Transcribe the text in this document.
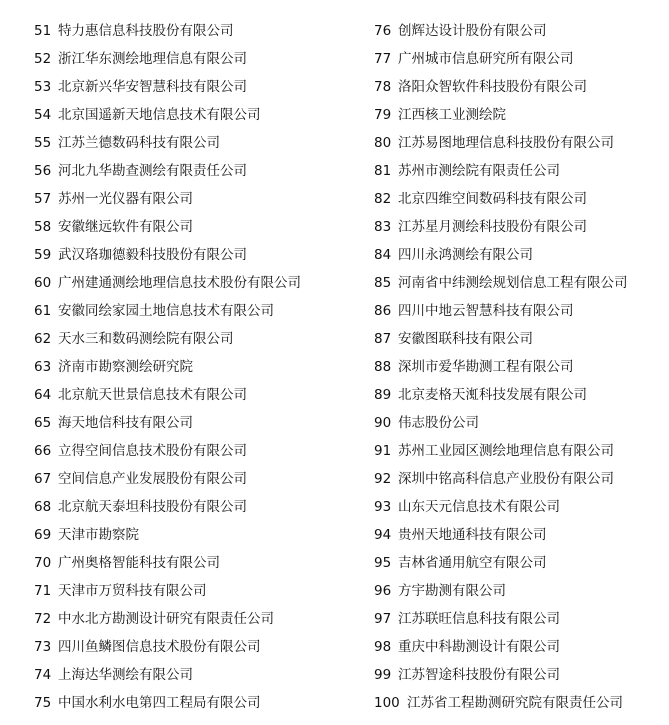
51 特力惠信息科技股份有限公司
52 浙江华东测绘地理信息有限公司
53 北京新兴华安智慧科技有限公司
54 北京国遥新天地信息技术有限公司
55 江苏兰德数码科技有限公司
56 河北九华勘查测绘有限责任公司
57 苏州一光仪器有限公司
58 安徽继远软件有限公司
59 武汉珞珈德毅科技股份有限公司
60 广州建通测绘地理信息技术股份有限公司
61 安徽同绘家园土地信息技术有限公司
62 天水三和数码测绘院有限公司
63 济南市勘察测绘研究院
64 北京航天世景信息技术有限公司
65 海天地信科技有限公司
66 立得空间信息技术股份有限公司
67 空间信息产业发展股份有限公司
68 北京航天泰坦科技股份有限公司
69 天津市勘察院
70 广州奥格智能科技有限公司
71 天津市万贸科技有限公司
72 中水北方勘测设计研究有限责任公司
73 四川鱼鳞图信息技术股份有限公司
74 上海达华测绘有限公司
75 中国水利水电第四工程局有限公司
76 创辉达设计股份有限公司
77 广州城市信息研究所有限公司
78 洛阳众智软件科技股份有限公司
79 江西核工业测绘院
80 江苏易图地理信息科技股份有限公司
81 苏州市测绘院有限责任公司
82 北京四维空间数码科技有限公司
83 江苏星月测绘科技股份有限公司
84 四川永鸿测绘有限公司
85 河南省中纬测绘规划信息工程有限公司
86 四川中地云智慧科技有限公司
87 安徽图联科技有限公司
88 深圳市爱华勘测工程有限公司
89 北京麦格天渱科技发展有限公司
90 伟志股份公司
91 苏州工业园区测绘地理信息有限公司
92 深圳中铭高科信息产业股份有限公司
93 山东天元信息技术有限公司
94 贵州天地通科技有限公司
95 吉林省通用航空有限公司
96 方宇勘测有限公司
97 江苏联旺信息科技有限公司
98 重庆中科勘测设计有限公司
99 江苏智途科技股份有限公司
100 江苏省工程勘测研究院有限责任公司
